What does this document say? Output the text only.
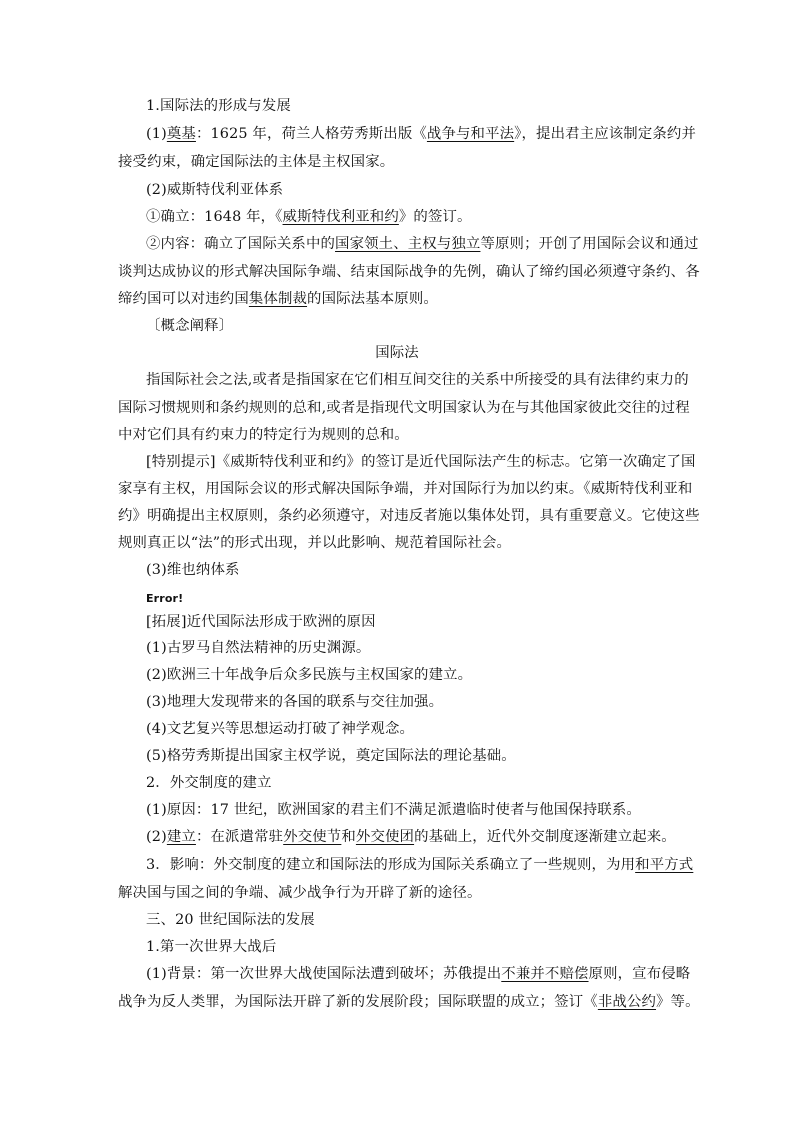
1.国际法的形成与发展
(1)奠基：1625 年，荷兰人格劳秀斯出版《战争与和平法》，提出君主应该制定条约并
接受约束，确定国际法的主体是主权国家。
(2)威斯特伐利亚体系
①确立：1648 年，《威斯特伐利亚和约》的签订。
②内容：确立了国际关系中的国家领土、主权与独立等原则；开创了用国际会议和通过
谈判达成协议的形式解决国际争端、结束国际战争的先例，确认了缔约国必须遵守条约、各
缔约国可以对违约国集体制裁的国际法基本原则。
〔概念阐释〕
国际法
指国际社会之法,或者是指国家在它们相互间交往的关系中所接受的具有法律约束力的
国际习惯规则和条约规则的总和,或者是指现代文明国家认为在与其他国家彼此交往的过程
中对它们具有约束力的特定行为规则的总和。
[特别提示]《威斯特伐利亚和约》的签订是近代国际法产生的标志。它第一次确定了国
家享有主权，用国际会议的形式解决国际争端，并对国际行为加以约束。《威斯特伐利亚和
约》明确提出主权原则，条约必须遵守，对违反者施以集体处罚，具有重要意义。它使这些
规则真正以“法”的形式出现，并以此影响、规范着国际社会。
(3)维也纳体系
Error!
[拓展]近代国际法形成于欧洲的原因
(1)古罗马自然法精神的历史渊源。
(2)欧洲三十年战争后众多民族与主权国家的建立。
(3)地理大发现带来的各国的联系与交往加强。
(4)文艺复兴等思想运动打破了神学观念。
(5)格劳秀斯提出国家主权学说，奠定国际法的理论基础。
2．外交制度的建立
(1)原因：17 世纪，欧洲国家的君主们不满足派遣临时使者与他国保持联系。
(2)建立：在派遣常驻外交使节和外交使团的基础上，近代外交制度逐渐建立起来。
3．影响：外交制度的建立和国际法的形成为国际关系确立了一些规则，为用和平方式
解决国与国之间的争端、减少战争行为开辟了新的途径。
三、20 世纪国际法的发展
1.第一次世界大战后
(1)背景：第一次世界大战使国际法遭到破坏；苏俄提出不兼并不赔偿原则，宣布侵略
战争为反人类罪，为国际法开辟了新的发展阶段；国际联盟的成立；签订《非战公约》等。
